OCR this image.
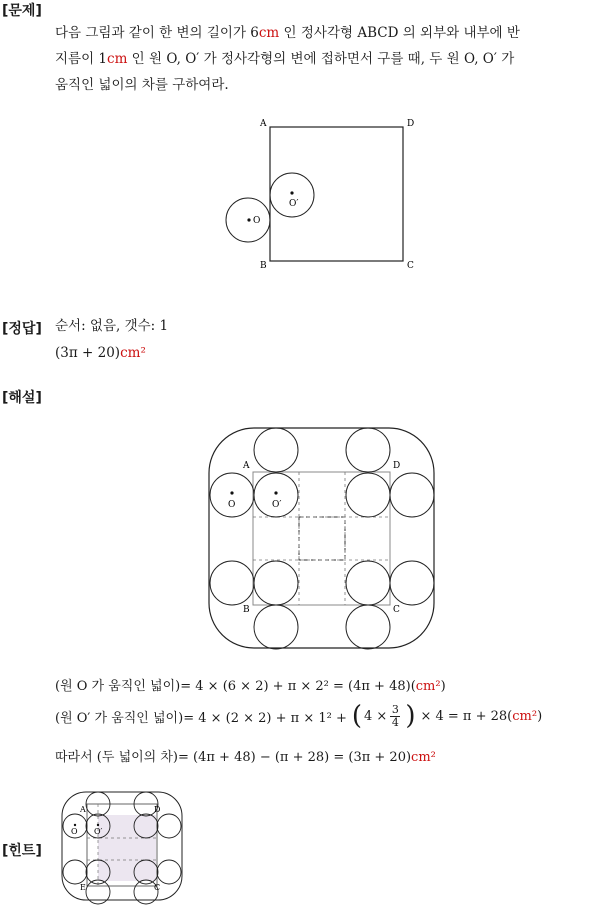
[문제]
다음 그림과 같이 한 변의 길이가 6cm 인 정사각형 ABCD 의 외부와 내부에 반
지름이 1cm 인 원 O, O′ 가 정사각형의 변에 접하면서 구를 때, 두 원 O, O′ 가
움직인 넓이의 차를 구하여라.
A	D
B	C
O
O′
[정답] 순서: 없음, 갯수: 1
(3π + 20)cm²
[해설]
O	O′
A	D
B	C
(원 O 가 움직인 넓이)= 4 × (6 × 2) + π × 2² = (4π + 48)(cm²)
(원 O′ 가 움직인 넓이)= 4 × (2 × 2) + π × 1² + ( 4 × 3
4 ) × 4 = π + 28( cm² )
따라서 (두 넓이의 차)= (4π + 48) − (π + 28) = (3π + 20)cm²
[힌트]
O O′
A	D
E	C
